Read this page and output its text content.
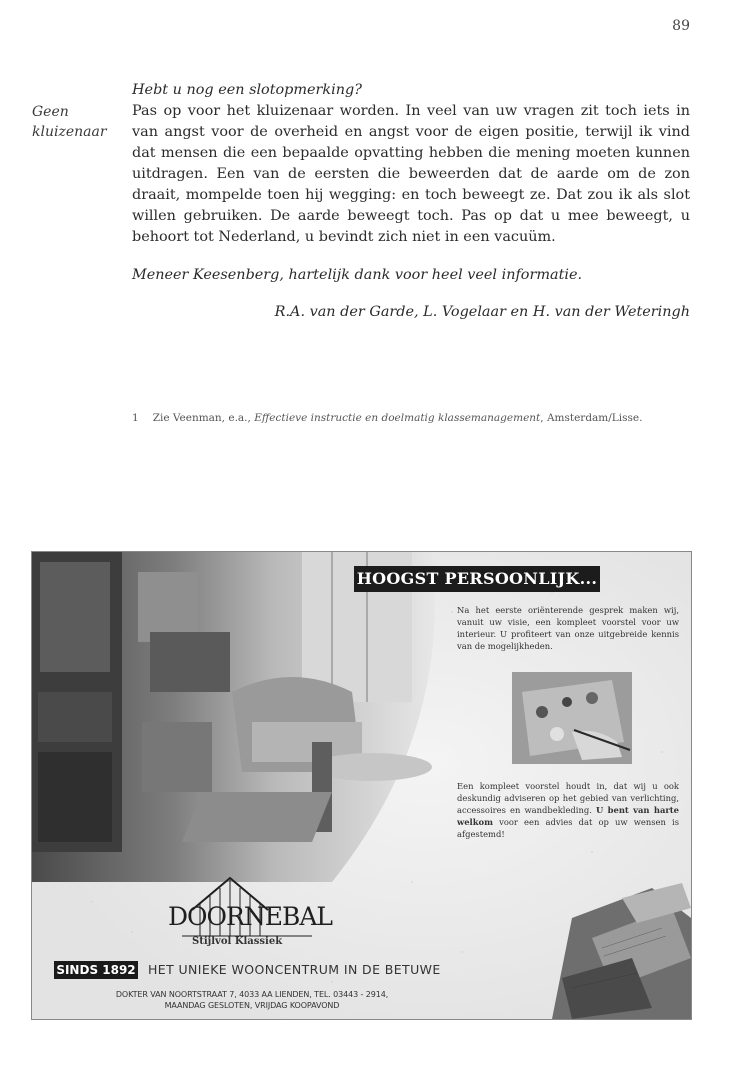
89
Geen
kluizenaar

Hebt u nog een slotopmerking?

Pas op voor het kluizenaar worden. In veel van uw vragen zit toch iets in van angst voor de overheid en angst voor de eigen positie, terwijl ik vind dat mensen die een bepaalde opvatting hebben die mening moeten kunnen uitdragen. Een van de eersten die beweerden dat de aarde om de zon draait, mompelde toen hij wegging: en toch beweegt ze. Dat zou ik als slot willen gebruiken. De aarde beweegt toch. Pas op dat u mee beweegt, u behoort tot Nederland, u bevindt zich niet in een vacuüm.

Meneer Keesenberg, hartelijk dank voor heel veel informatie.

R.A. van der Garde, L. Vogelaar en H. van der Weteringh

1 Zie Veenman, e.a., Effectieve instructie en doelmatig klassemanagement, Amsterdam/Lisse.
HOOGST PERSOONLIJK...
Na het eerste oriënterende gesprek maken wij, vanuit uw visie, een kompleet voorstel voor uw interieur. U profiteert van onze uitgebreide kennis van de mogelijkheden.
Een kompleet voorstel houdt in, dat wij u ook deskundig adviseren op het gebied van verlichting, accessoires en wandbekleding. U bent van harte welkom voor een advies dat op uw wensen is afgestemd!
DOORNEBAL
Stijlvol Klassiek
SINDS 1892 HET UNIEKE WOONCENTRUM IN DE BETUWE
DOKTER VAN NOORTSTRAAT 7, 4033 AA LIENDEN, TEL. 03443 - 2914,
MAANDAG GESLOTEN, VRIJDAG KOOPAVOND
